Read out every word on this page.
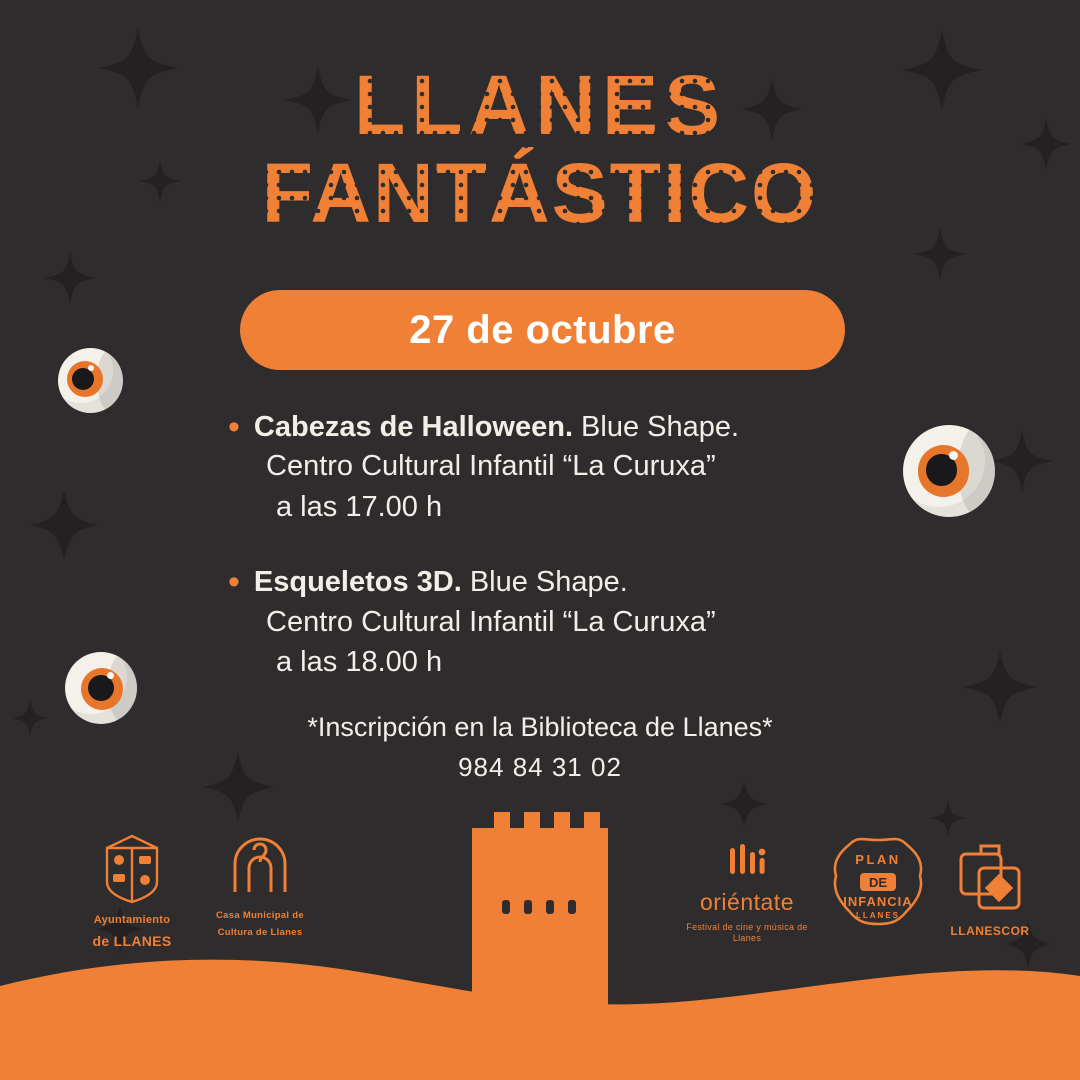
LLANES
FANTÁSTICO
27 de octubre
• Cabezas de Halloween. Blue Shape.
Centro Cultural Infantil “La Curuxa”
a las 17.00 h
• Esqueletos 3D. Blue Shape.
Centro Cultural Infantil “La Curuxa”
a las 18.00 h
*Inscripción en la Biblioteca de Llanes*
984 84 31 02
Ayuntamiento
de LLANES
Casa Municipal de
Cultura de Llanes
oriéntate
Festival de cine y música de Llanes
PLAN
DE
INFANCIA
LLANES
LLANESCOR
